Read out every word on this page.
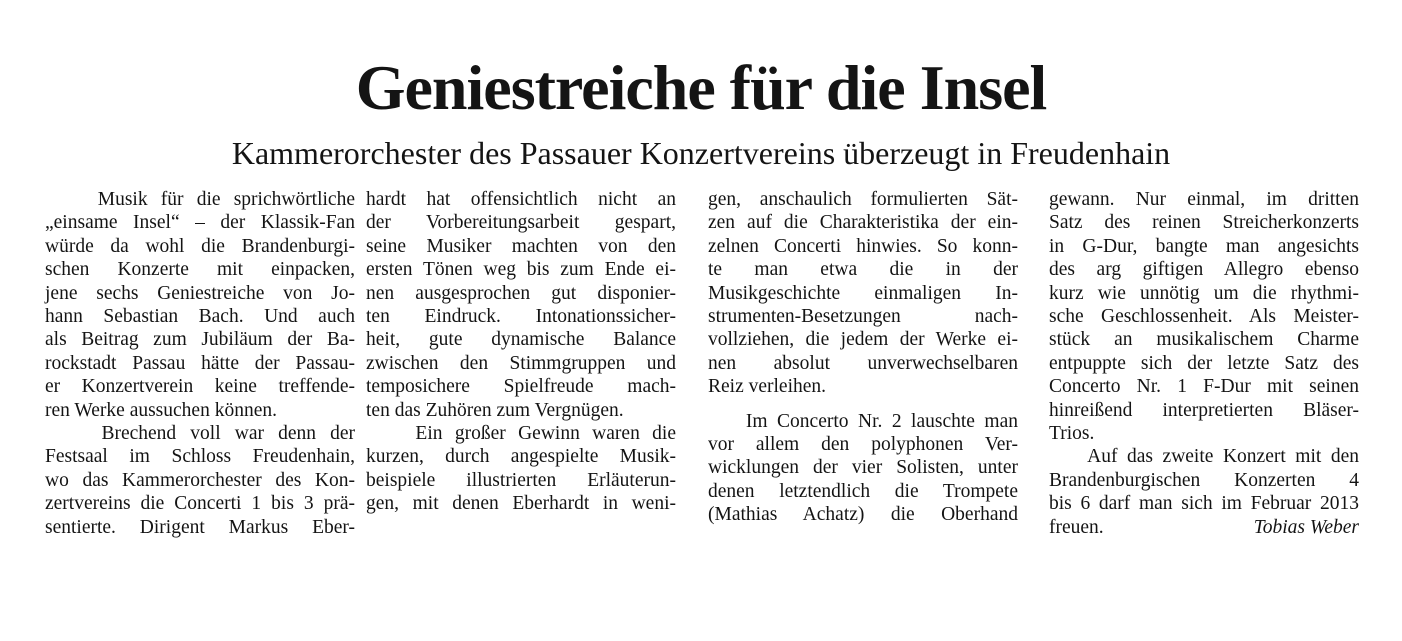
Geniestreiche für die Insel
Kammerorchester des Passauer Konzertvereins überzeugt in Freudenhain

Musik für die sprichwörtliche
„einsame Insel“ – der Klassik-Fan
würde da wohl die Brandenburgi-
schen Konzerte mit einpacken,
jene sechs Geniestreiche von Jo-
hann Sebastian Bach. Und auch
als Beitrag zum Jubiläum der Ba-
rockstadt Passau hätte der Passau-
er Konzertverein keine treffende-
ren Werke aussuchen können.

Brechend voll war denn der
Festsaal im Schloss Freudenhain,
wo das Kammerorchester des Kon-
zertvereins die Concerti 1 bis 3 prä-
sentierte. Dirigent Markus Eber-

hardt hat offensichtlich nicht an
der Vorbereitungsarbeit gespart,
seine Musiker machten von den
ersten Tönen weg bis zum Ende ei-
nen ausgesprochen gut disponier-
ten Eindruck. Intonationssicher-
heit, gute dynamische Balance
zwischen den Stimmgruppen und
temposichere Spielfreude mach-
ten das Zuhören zum Vergnügen.

Ein großer Gewinn waren die
kurzen, durch angespielte Musik-
beispiele illustrierten Erläuterun-
gen, mit denen Eberhardt in weni-

gen, anschaulich formulierten Sät-
zen auf die Charakteristika der ein-
zelnen Concerti hinwies. So konn-
te man etwa die in der
Musikgeschichte einmaligen In-
strumenten-Besetzungen nach-
vollziehen, die jedem der Werke ei-
nen absolut unverwechselbaren
Reiz verleihen.

Im Concerto Nr. 2 lauschte man
vor allem den polyphonen Ver-
wicklungen der vier Solisten, unter
denen letztendlich die Trompete
(Mathias Achatz) die Oberhand

gewann. Nur einmal, im dritten
Satz des reinen Streicherkonzerts
in G-Dur, bangte man angesichts
des arg giftigen Allegro ebenso
kurz wie unnötig um die rhythmi-
sche Geschlossenheit. Als Meister-
stück an musikalischem Charme
entpuppte sich der letzte Satz des
Concerto Nr. 1 F-Dur mit seinen
hinreißend interpretierten Bläser-
Trios.

Auf das zweite Konzert mit den
Brandenburgischen Konzerten 4
bis 6 darf man sich im Februar 2013
freuen.	Tobias Weber
